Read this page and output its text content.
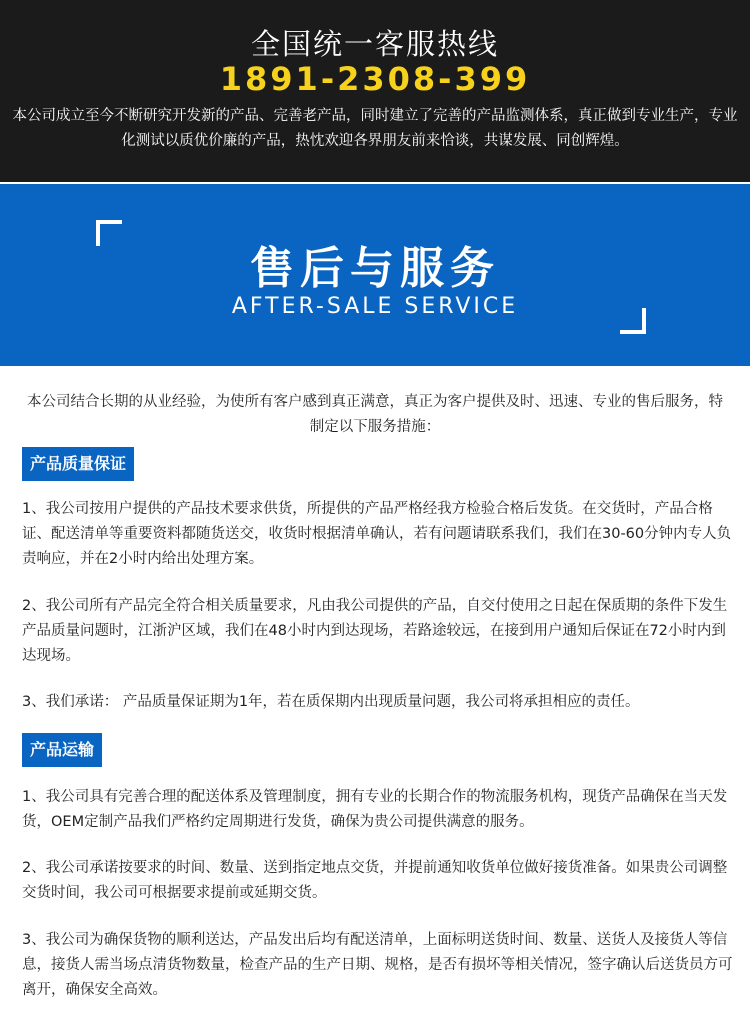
全国统一客服热线
1891-2308-399
本公司成立至今不断研究开发新的产品、完善老产品，同时建立了完善的产品监测体系，真正做到专业生产，专业化测试以质优价廉的产品，热忱欢迎各界朋友前来恰谈，共谋发展、同创辉煌。
售后与服务
AFTER-SALE SERVICE
本公司结合长期的从业经验，为使所有客户感到真正满意，真正为客户提供及时、迅速、专业的售后服务，特制定以下服务措施：
产品质量保证
1、我公司按用户提供的产品技术要求供货，所提供的产品严格经我方检验合格后发货。在交货时，产品合格证、配送清单等重要资料都随货送交，收货时根据清单确认，若有问题请联系我们，我们在30-60分钟内专人负责响应，并在2小时内给出处理方案。
2、我公司所有产品完全符合相关质量要求，凡由我公司提供的产品，自交付使用之日起在保质期的条件下发生产品质量问题时，江浙沪区域，我们在48小时内到达现场，若路途较远，在接到用户通知后保证在72小时内到达现场。
3、我们承诺： 产品质量保证期为1年，若在质保期内出现质量问题，我公司将承担相应的责任。
产品运输
1、我公司具有完善合理的配送体系及管理制度，拥有专业的长期合作的物流服务机构，现货产品确保在当天发货，OEM定制产品我们严格约定周期进行发货，确保为贵公司提供满意的服务。
2、我公司承诺按要求的时间、数量、送到指定地点交货，并提前通知收货单位做好接货准备。如果贵公司调整交货时间，我公司可根据要求提前或延期交货。
3、我公司为确保货物的顺利送达，产品发出后均有配送清单，上面标明送货时间、数量、送货人及接货人等信息，接货人需当场点清货物数量，检查产品的生产日期、规格，是否有损坏等相关情况，签字确认后送货员方可离开，确保安全高效。
